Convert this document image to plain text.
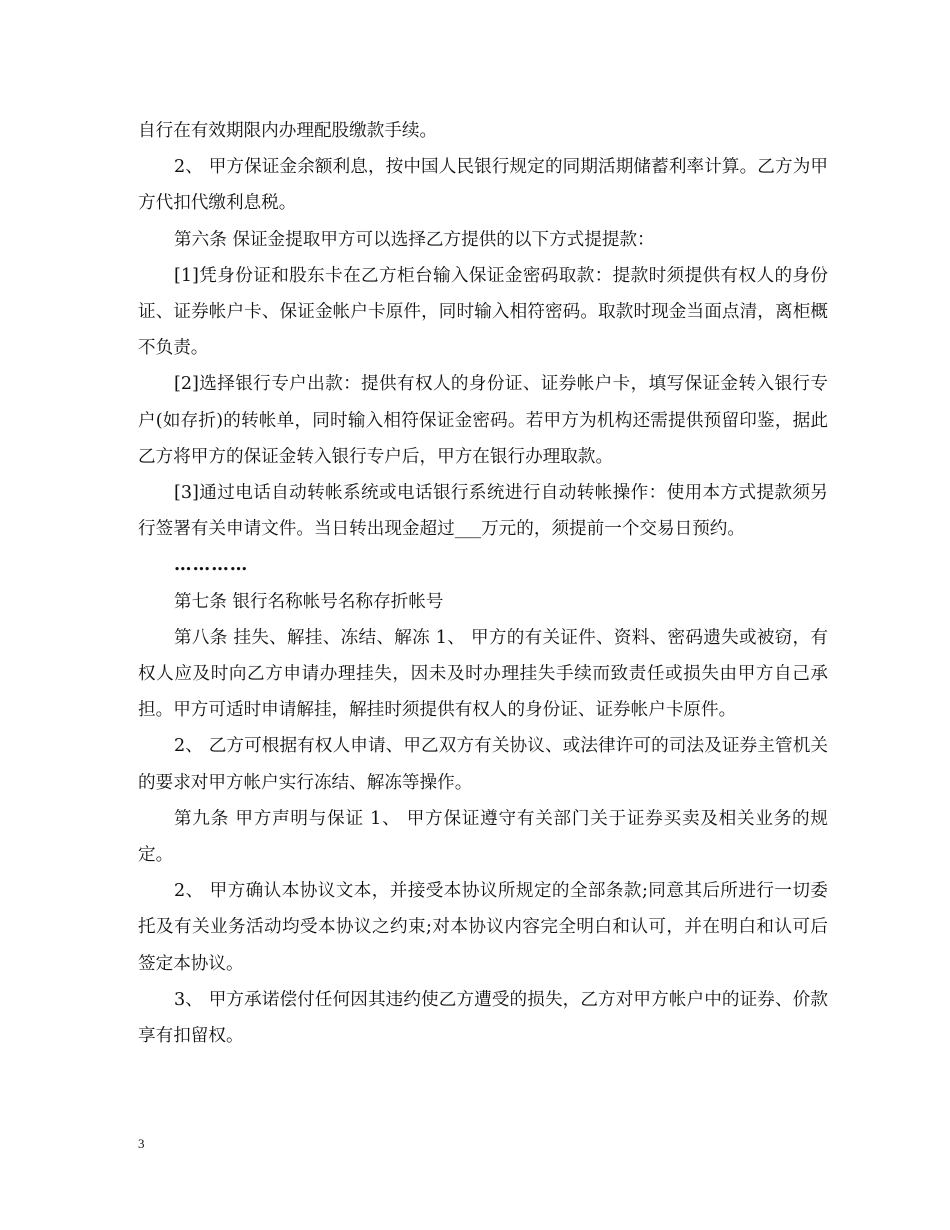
自行在有效期限内办理配股缴款手续。

2、 甲方保证金余额利息，按中国人民银行规定的同期活期储蓄利率计算。乙方为甲方代扣代缴利息税。

第六条 保证金提取甲方可以选择乙方提供的以下方式提提款：

[1]凭身份证和股东卡在乙方柜台输入保证金密码取款：提款时须提供有权人的身份证、证券帐户卡、保证金帐户卡原件，同时输入相符密码。取款时现金当面点清，离柜概不负责。

[2]选择银行专户出款：提供有权人的身份证、证券帐户卡，填写保证金转入银行专户(如存折)的转帐单，同时输入相符保证金密码。若甲方为机构还需提供预留印鉴，据此乙方将甲方的保证金转入银行专户后，甲方在银行办理取款。

[3]通过电话自动转帐系统或电话银行系统进行自动转帐操作：使用本方式提款须另行签署有关申请文件。当日转出现金超过___万元的，须提前一个交易日预约。

…………

第七条 银行名称帐号名称存折帐号

第八条 挂失、解挂、冻结、解冻 1、 甲方的有关证件、资料、密码遗失或被窃，有权人应及时向乙方申请办理挂失，因未及时办理挂失手续而致责任或损失由甲方自己承担。甲方可适时申请解挂，解挂时须提供有权人的身份证、证券帐户卡原件。

2、 乙方可根据有权人申请、甲乙双方有关协议、或法律许可的司法及证券主管机关的要求对甲方帐户实行冻结、解冻等操作。

第九条 甲方声明与保证 1、 甲方保证遵守有关部门关于证券买卖及相关业务的规定。

2、 甲方确认本协议文本，并接受本协议所规定的全部条款;同意其后所进行一切委托及有关业务活动均受本协议之约束;对本协议内容完全明白和认可，并在明白和认可后签定本协议。

3、 甲方承诺偿付任何因其违约使乙方遭受的损失，乙方对甲方帐户中的证券、价款享有扣留权。

3
